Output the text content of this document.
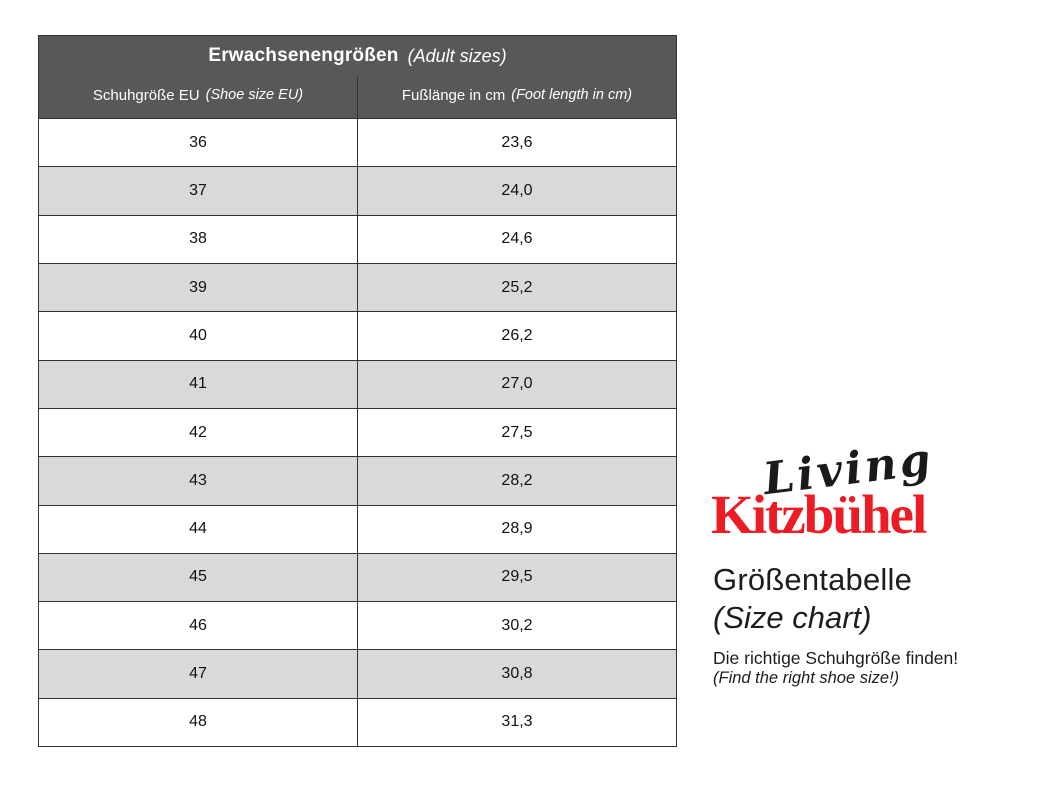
Erwachsenengrößen (Adult sizes)
Schuhgröße EU (Shoe size EU)	Fußlänge in cm (Foot length in cm)
36	23,6
37	24,0
38	24,6
39	25,2
40	26,2
41	27,0
42	27,5
43	28,2
44	28,9
45	29,5
46	30,2
47	30,8
48	31,3
Living
Kitzbühel
Größentabelle
(Size chart)
Die richtige Schuhgröße finden!
(Find the right shoe size!)
